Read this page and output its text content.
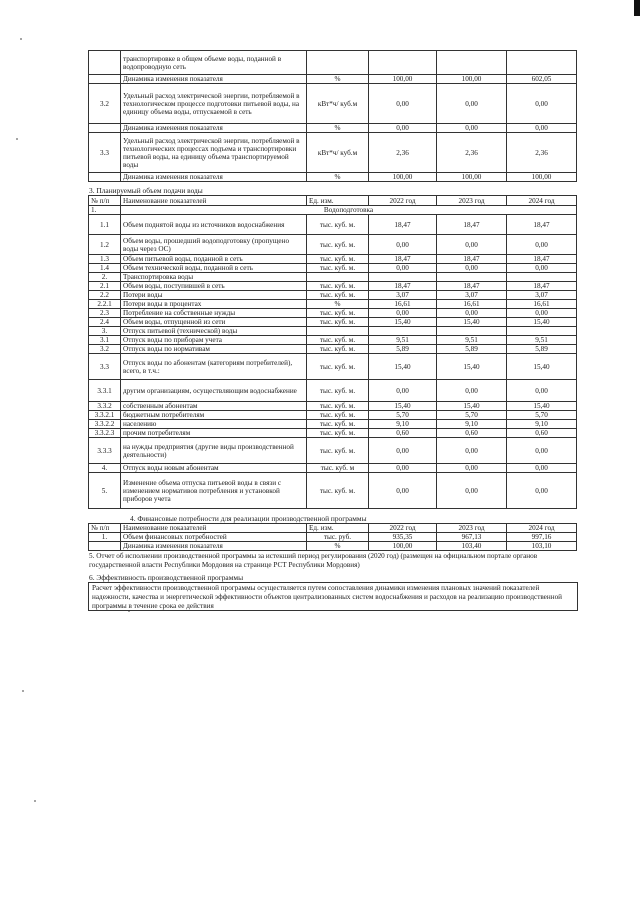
	транспортировке в общем объеме воды, поданной в водопроводную сеть				
	Динамика изменения показателя	%	100,00	100,00	602,05
3.2	Удельный расход электрической энергии, потребляемой в технологическом процессе подготовки питьевой воды, на единицу объема воды, отпускаемой в сеть	кВт*ч/ куб.м	0,00	0,00	0,00
	Динамика изменения показателя	%	0,00	0,00	0,00
3.3	Удельный расход электрической энергии, потребляемой в технологических процессах подъема и транспортировки питьевой воды, на единицу объема транспортируемой воды	кВт*ч/ куб.м	2,36	2,36	2,36
	Динамика изменения показателя	%	100,00	100,00	100,00
3. Планируемый объем подачи воды
№ п/п	Наименование показателей	Ед. изм.	2022 год	2023 год	2024 год
1.	Водоподготовка				
1.1	Объем поднятой воды из источников водоснабжения	тыс. куб. м.	18,47	18,47	18,47
1.2	Объем воды, прошедший водоподготовку (пропущено воды через ОС)	тыс. куб. м.	0,00	0,00	0,00
1.3	Объем питьевой воды, поданной в сеть	тыс. куб. м.	18,47	18,47	18,47
1.4	Объем технической воды, поданной в сеть	тыс. куб. м.	0,00	0,00	0,00
2.	Транспортировка воды				
2.1	Объем воды, поступившей в сеть	тыс. куб. м.	18,47	18,47	18,47
2.2	Потери воды	тыс. куб. м.	3,07	3,07	3,07
2.2.1	Потери воды в процентах	%	16,61	16,61	16,61
2.3	Потребление на собственные нужды	тыс. куб. м.	0,00	0,00	0,00
2.4	Объем воды, отпущенной из сети	тыс. куб. м.	15,40	15,40	15,40
3.	Отпуск питьевой (технической) воды				
3.1	Отпуск воды по приборам учета	тыс. куб. м.	9,51	9,51	9,51
3.2	Отпуск воды по нормативам	тыс. куб. м.	5,89	5,89	5,89
3.3	Отпуск воды по абонентам (категориям потребителей), всего, в т.ч.:	тыс. куб. м.	15,40	15,40	15,40
3.3.1	другим организациям, осуществляющим водоснабжение	тыс. куб. м.	0,00	0,00	0,00
3.3.2	собственным абонентам	тыс. куб. м.	15,40	15,40	15,40
3.3.2.1	бюджетным потребителям	тыс. куб. м.	5,70	5,70	5,70
3.3.2.2	населению	тыс. куб. м.	9,10	9,10	9,10
3.3.2.3	прочим потребителям	тыс. куб. м.	0,60	0,60	0,60
3.3.3	на нужды предприятия (другие виды производственной деятельности)	тыс. куб. м.	0,00	0,00	0,00
4.	Отпуск воды новым абонентам	тыс. куб. м	0,00	0,00	0,00
5.	Изменение объема отпуска питьевой воды в связи с изменением нормативов потребления и установкой приборов учета	тыс. куб. м.	0,00	0,00	0,00
4. Финансовые потребности для реализации производственной программы
№ п/п	Наименование показателей	Ед. изм.	2022 год	2023 год	2024 год
1.	Объем финансовых потребностей	тыс. руб.	935,35	967,13	997,16
	Динамика изменения показателя	%	100,00	103,40	103,10
5. Отчет об исполнении производственной программы за истекший период регулирования (2020 год) (размещен на официальном портале органов государственной власти Республики Мордовия на странице РСТ Республики Мордовия)
6. Эффективность производственной программы
Расчет эффективности производственной программы осуществляется путем сопоставления динамики изменения плановых значений показателей надежности, качества и энергетической эффективности объектов централизованных систем водоснабжения и расходов на реализацию производственной программы в течение срока ее действия
